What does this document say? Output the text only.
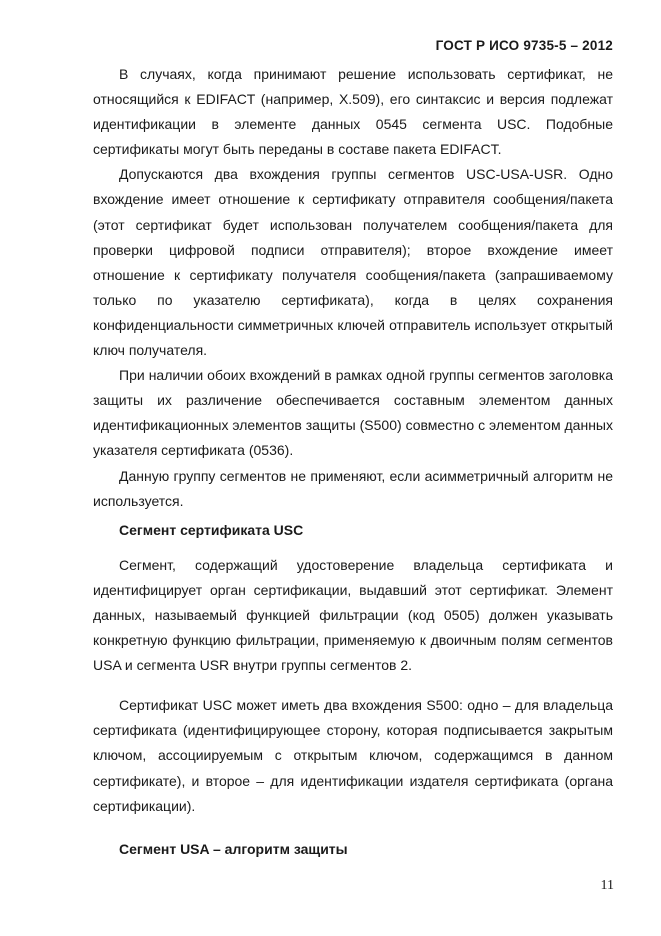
ГОСТ Р ИСО 9735-5 – 2012

В случаях, когда принимают решение использовать сертификат, не относящийся к EDIFACT (например, X.509), его синтаксис и версия подлежат идентификации в элементе данных 0545 сегмента USC. Подобные сертификаты могут быть переданы в составе пакета EDIFACT.

Допускаются два вхождения группы сегментов USC-USA-USR. Одно вхождение имеет отношение к сертификату отправителя сообщения/пакета (этот сертификат будет использован получателем сообщения/пакета для проверки цифровой подписи отправителя); второе вхождение имеет отношение к сертификату получателя сообщения/пакета (запрашиваемому только по указателю сертификата), когда в целях сохранения конфиденциальности симметричных ключей отправитель использует открытый ключ получателя.

При наличии обоих вхождений в рамках одной группы сегментов заголовка защиты их различение обеспечивается составным элементом данных идентификационных элементов защиты (S500) совместно с элементом данных указателя сертификата (0536).

Данную группу сегментов не применяют, если асимметричный алгоритм не используется.

Сегмент сертификата USC

Сегмент, содержащий удостоверение владельца сертификата и идентифицирует орган сертификации, выдавший этот сертификат. Элемент данных, называемый функцией фильтрации (код 0505) должен указывать конкретную функцию фильтрации, применяемую к двоичным полям сегментов USA и сегмента USR внутри группы сегментов 2.

Сертификат USC может иметь два вхождения S500: одно – для владельца сертификата (идентифицирующее сторону, которая подписывается закрытым ключом, ассоциируемым с открытым ключом, содержащимся в данном сертификате), и второе – для идентификации издателя сертификата (органа сертификации).

Сегмент USA – алгоритм защиты

11
